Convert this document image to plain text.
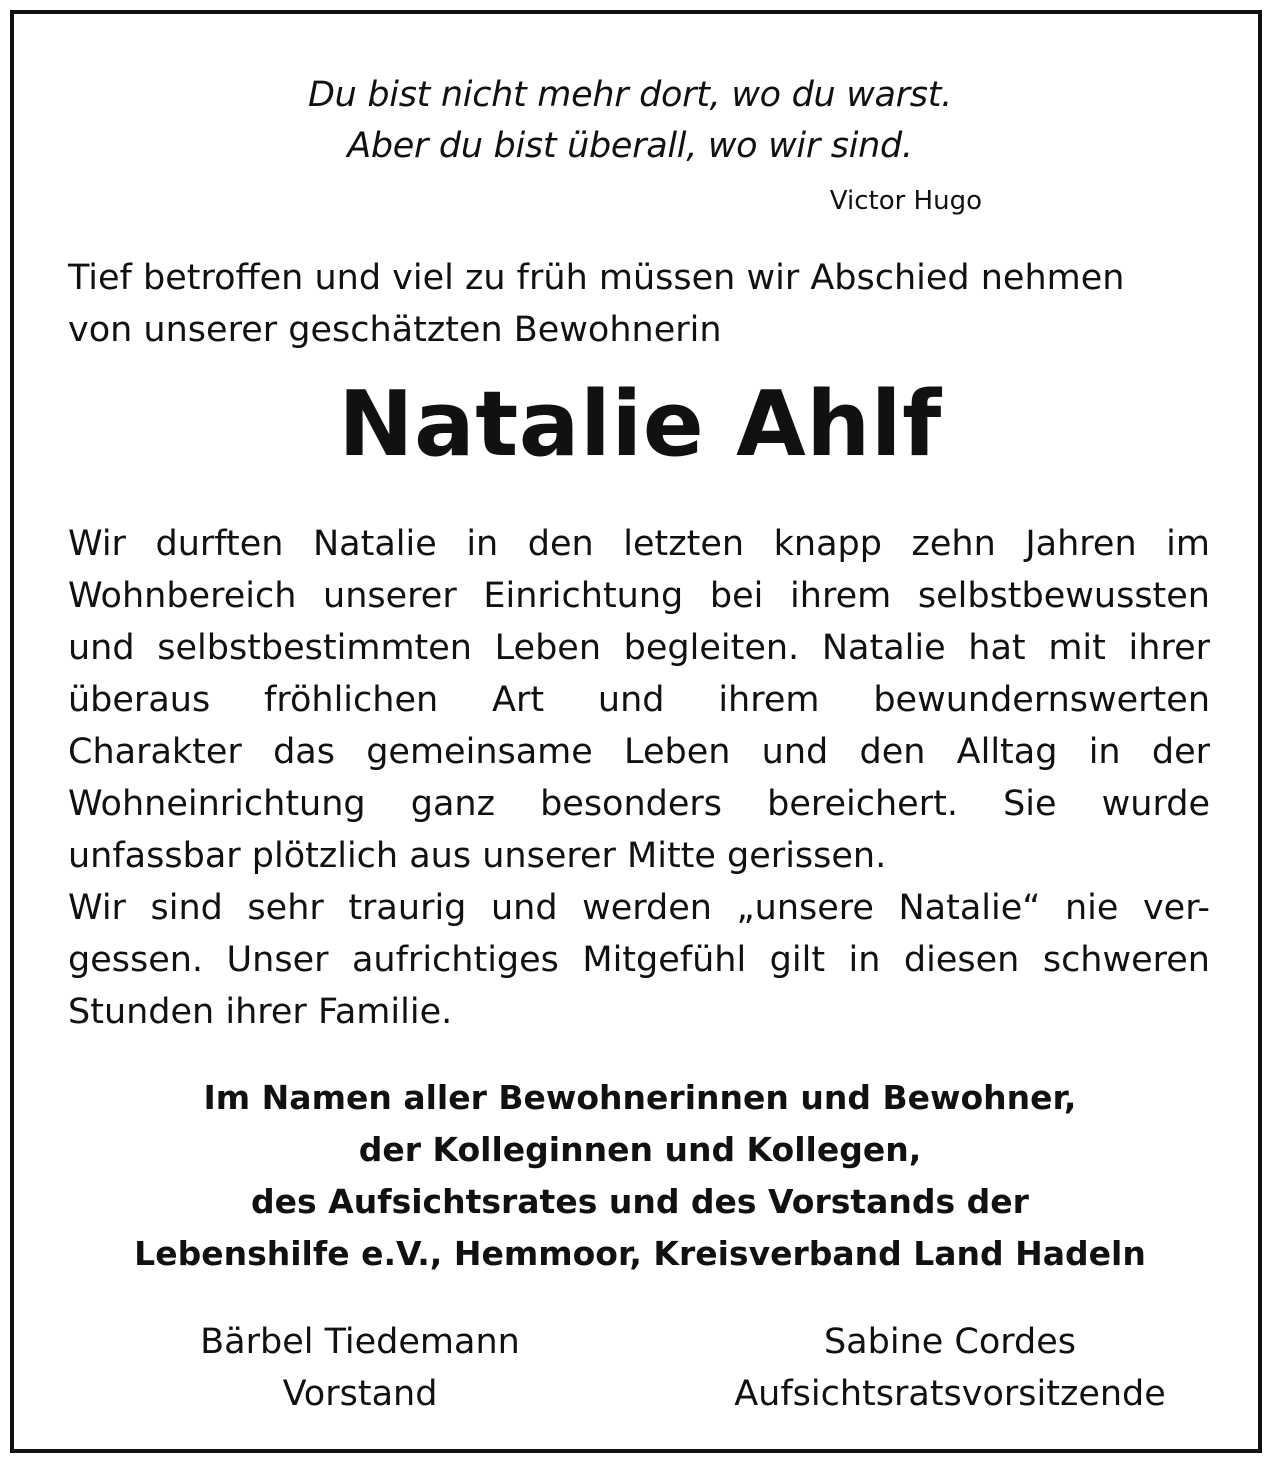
Du bist nicht mehr dort, wo du warst.
Aber du bist überall, wo wir sind.
Victor Hugo
Tief betroffen und viel zu früh müssen wir Abschied nehmen
von unserer geschätzten Bewohnerin
Natalie Ahlf
Wir durften Natalie in den letzten knapp zehn Jahren im
Wohnbereich unserer Einrichtung bei ihrem selbstbewussten
und selbstbestimmten Leben begleiten. Natalie hat mit ihrer
überaus fröhlichen Art und ihrem bewundernswerten
Charakter das gemeinsame Leben und den Alltag in der
Wohneinrichtung ganz besonders bereichert. Sie wurde
unfassbar plötzlich aus unserer Mitte gerissen.
Wir sind sehr traurig und werden „unsere Natalie“ nie ver-
gessen. Unser aufrichtiges Mitgefühl gilt in diesen schweren
Stunden ihrer Familie.
Im Namen aller Bewohnerinnen und Bewohner,
der Kolleginnen und Kollegen,
des Aufsichtsrates und des Vorstands der
Lebenshilfe e.V., Hemmoor, Kreisverband Land Hadeln
Bärbel Tiedemann
Vorstand
Sabine Cordes
Aufsichtsratsvorsitzende
